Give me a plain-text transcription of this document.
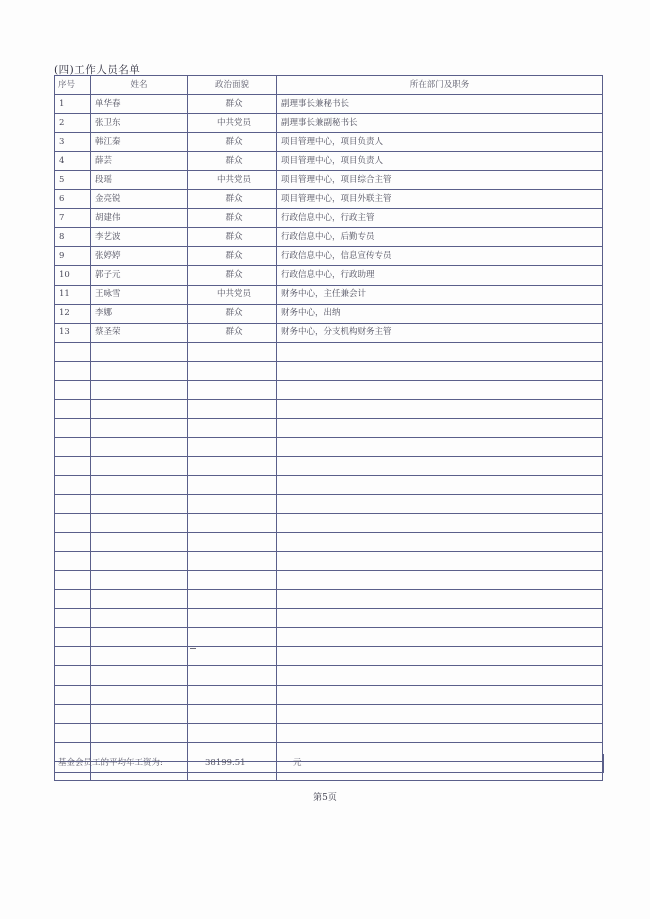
(四)工作人员名单
序号	姓名	政治面貌	所在部门及职务
1	单华春	群众	副理事长兼秘书长
2	张卫东	中共党员	副理事长兼副秘书长
3	韩江秦	群众	项目管理中心，项目负责人
4	薛芸	群众	项目管理中心，项目负责人
5	段瑶	中共党员	项目管理中心，项目综合主管
6	金亮锐	群众	项目管理中心，项目外联主管
7	胡建伟	群众	行政信息中心，行政主管
8	李艺波	群众	行政信息中心，后勤专员
9	张婷婷	群众	行政信息中心，信息宣传专员
10	郭子元	群众	行政信息中心，行政助理
11	王咏雪	中共党员	财务中心，主任兼会计
12	李娜	群众	财务中心，出纳
13	蔡圣荣	群众	财务中心，分支机构财务主管

基金会员工的平均年工资为:	38199.51	元
第5页
